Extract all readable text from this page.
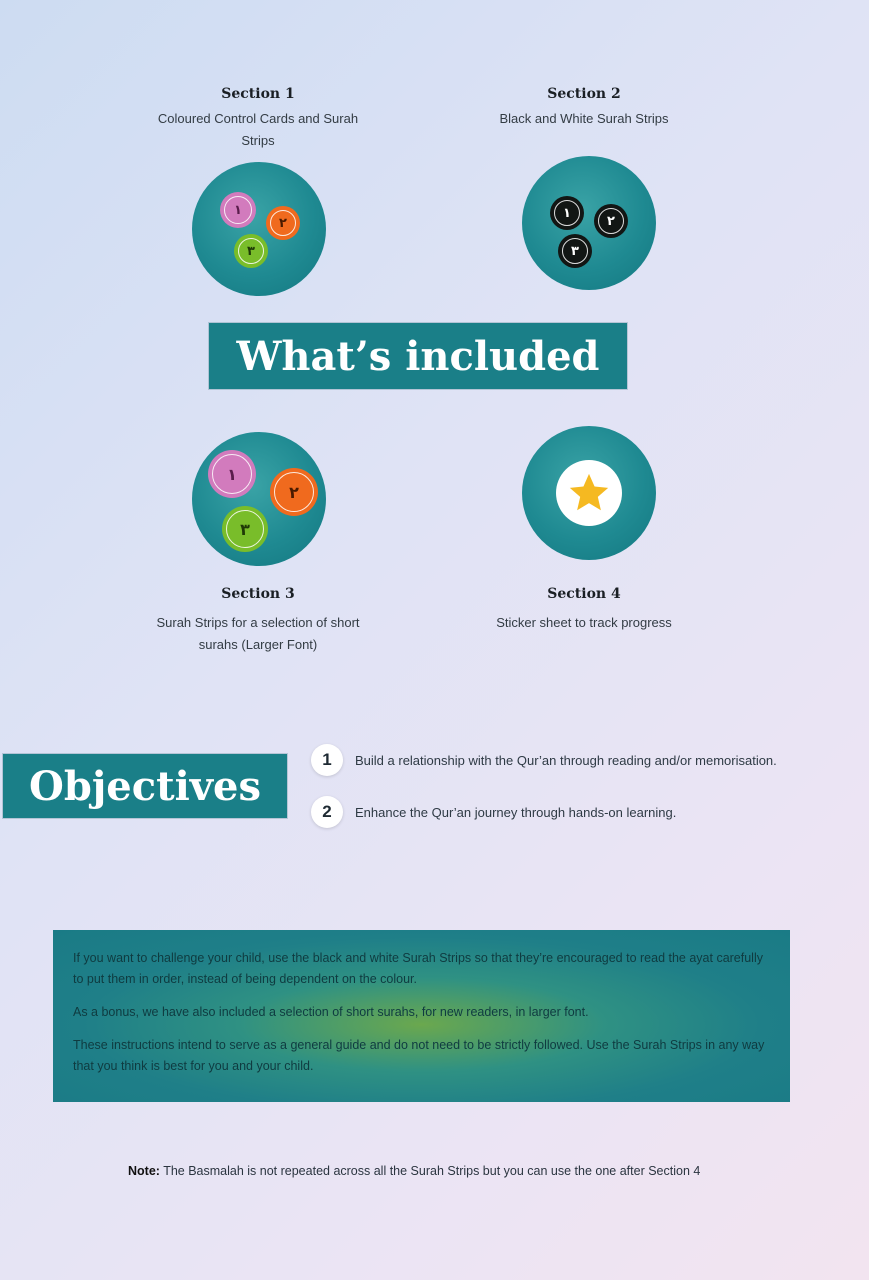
Section 1

Coloured Control Cards and Surah
Strips

١
٢
٣

Section 2

Black and White Surah Strips

١
٢
٣
What’s included
١
٢
٣

Section 3

Surah Strips for a selection of short
surahs (Larger Font)

Section 4

Sticker sheet to track progress

Objectives
1	Build a relationship with the Qur’an through reading and/or memorisation.
2	Enhance the Qur’an journey through hands-on learning.

If you want to challenge your child, use the black and white Surah Strips so that they’re encouraged to read the ayat carefully to put them in order, instead of being dependent on the colour.

As a bonus, we have also included a selection of short surahs, for new readers, in larger font.

These instructions intend to serve as a general guide and do not need to be strictly followed. Use the Surah Strips in any way that you think is best for you and your child.

Note: The Basmalah is not repeated across all the Surah Strips but you can use the one after Section 4
